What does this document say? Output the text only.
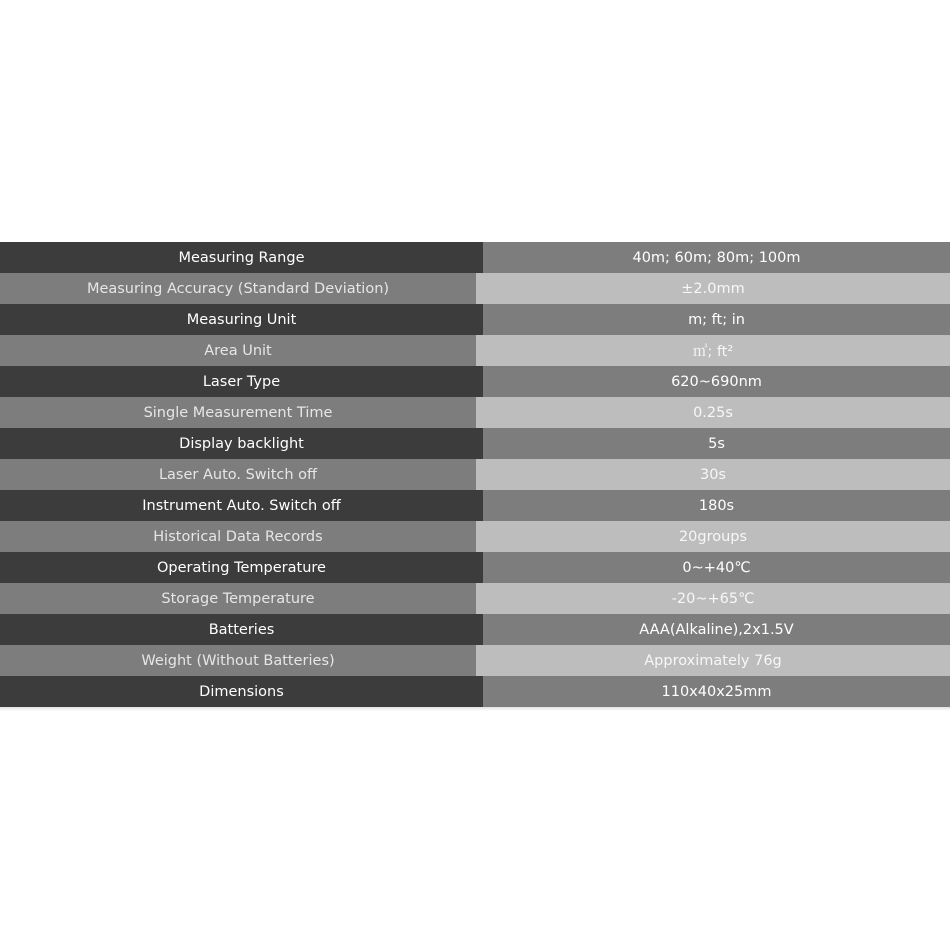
Measuring Range	40m; 60m; 80m; 100m
Measuring Accuracy (Standard Deviation)	±2.0mm
Measuring Unit	m; ft; in
Area Unit	㎡; ft²
Laser Type	620~690nm
Single Measurement Time	0.25s
Display backlight	5s
Laser Auto. Switch off	30s
Instrument Auto. Switch off	180s
Historical Data Records	20groups
Operating Temperature	0~+40℃
Storage Temperature	-20~+65℃
Batteries	AAA(Alkaline),2x1.5V
Weight (Without Batteries)	Approximately 76g
Dimensions	110x40x25mm
